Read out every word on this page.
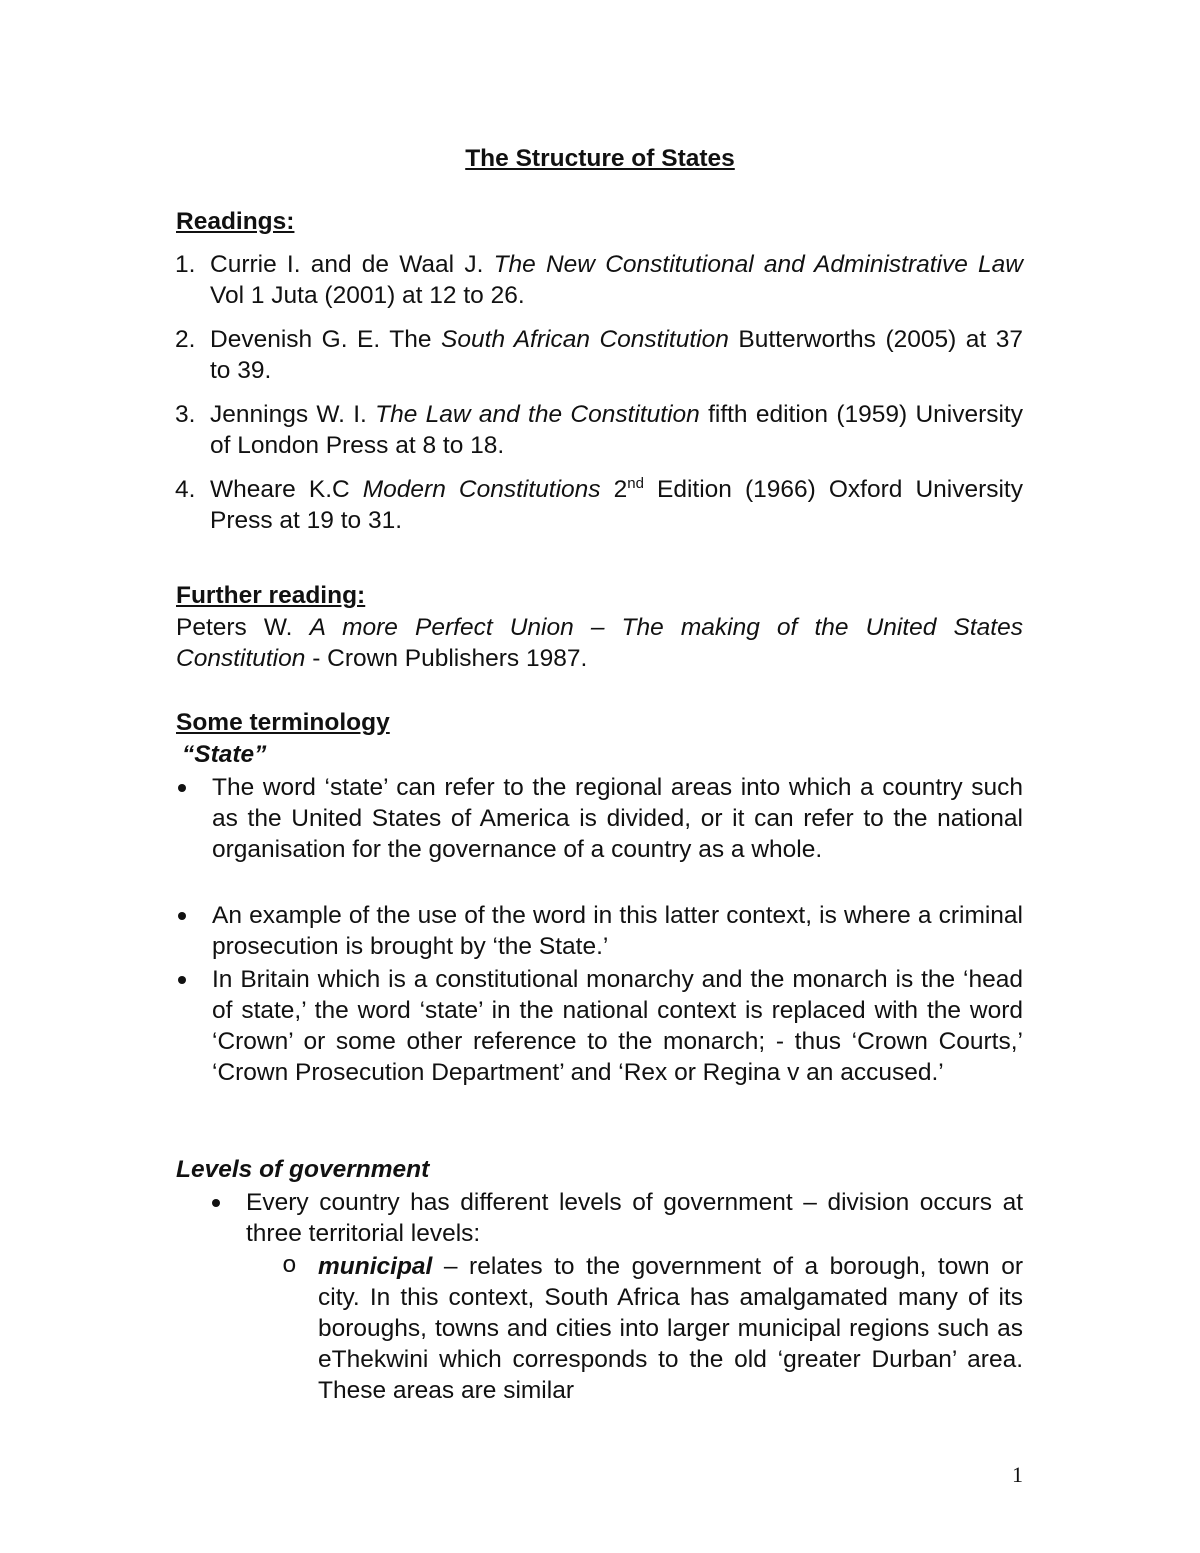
The Structure of States

Readings:

1. Currie I. and de Waal J. The New Constitutional and Administrative Law Vol 1 Juta (2001) at 12 to 26.
2. Devenish G. E. The South African Constitution Butterworths (2005) at 37 to 39.
3. Jennings W. I. The Law and the Constitution fifth edition (1959) University of London Press at 8 to 18.
4. Wheare K.C Modern Constitutions 2nd Edition (1966) Oxford University Press at 19 to 31.

Further reading:

Peters W. A more Perfect Union – The making of the United States Constitution - Crown Publishers 1987.

Some terminology

“State”

The word ‘state’ can refer to the regional areas into which a country such as the United States of America is divided, or it can refer to the national organisation for the governance of a country as a whole.
An example of the use of the word in this latter context, is where a criminal prosecution is brought by ‘the State.’
In Britain which is a constitutional monarchy and the monarch is the ‘head of state,’ the word ‘state’ in the national context is replaced with the word ‘Crown’ or some other reference to the monarch; - thus ‘Crown Courts,’ ‘Crown Prosecution Department’ and ‘Rex or Regina v an accused.’

Levels of government

Every country has different levels of government – division occurs at three territorial levels:
o municipal – relates to the government of a borough, town or city. In this context, South Africa has amalgamated many of its boroughs, towns and cities into larger municipal regions such as eThekwini which corresponds to the old ‘greater Durban’ area. These areas are similar
1
